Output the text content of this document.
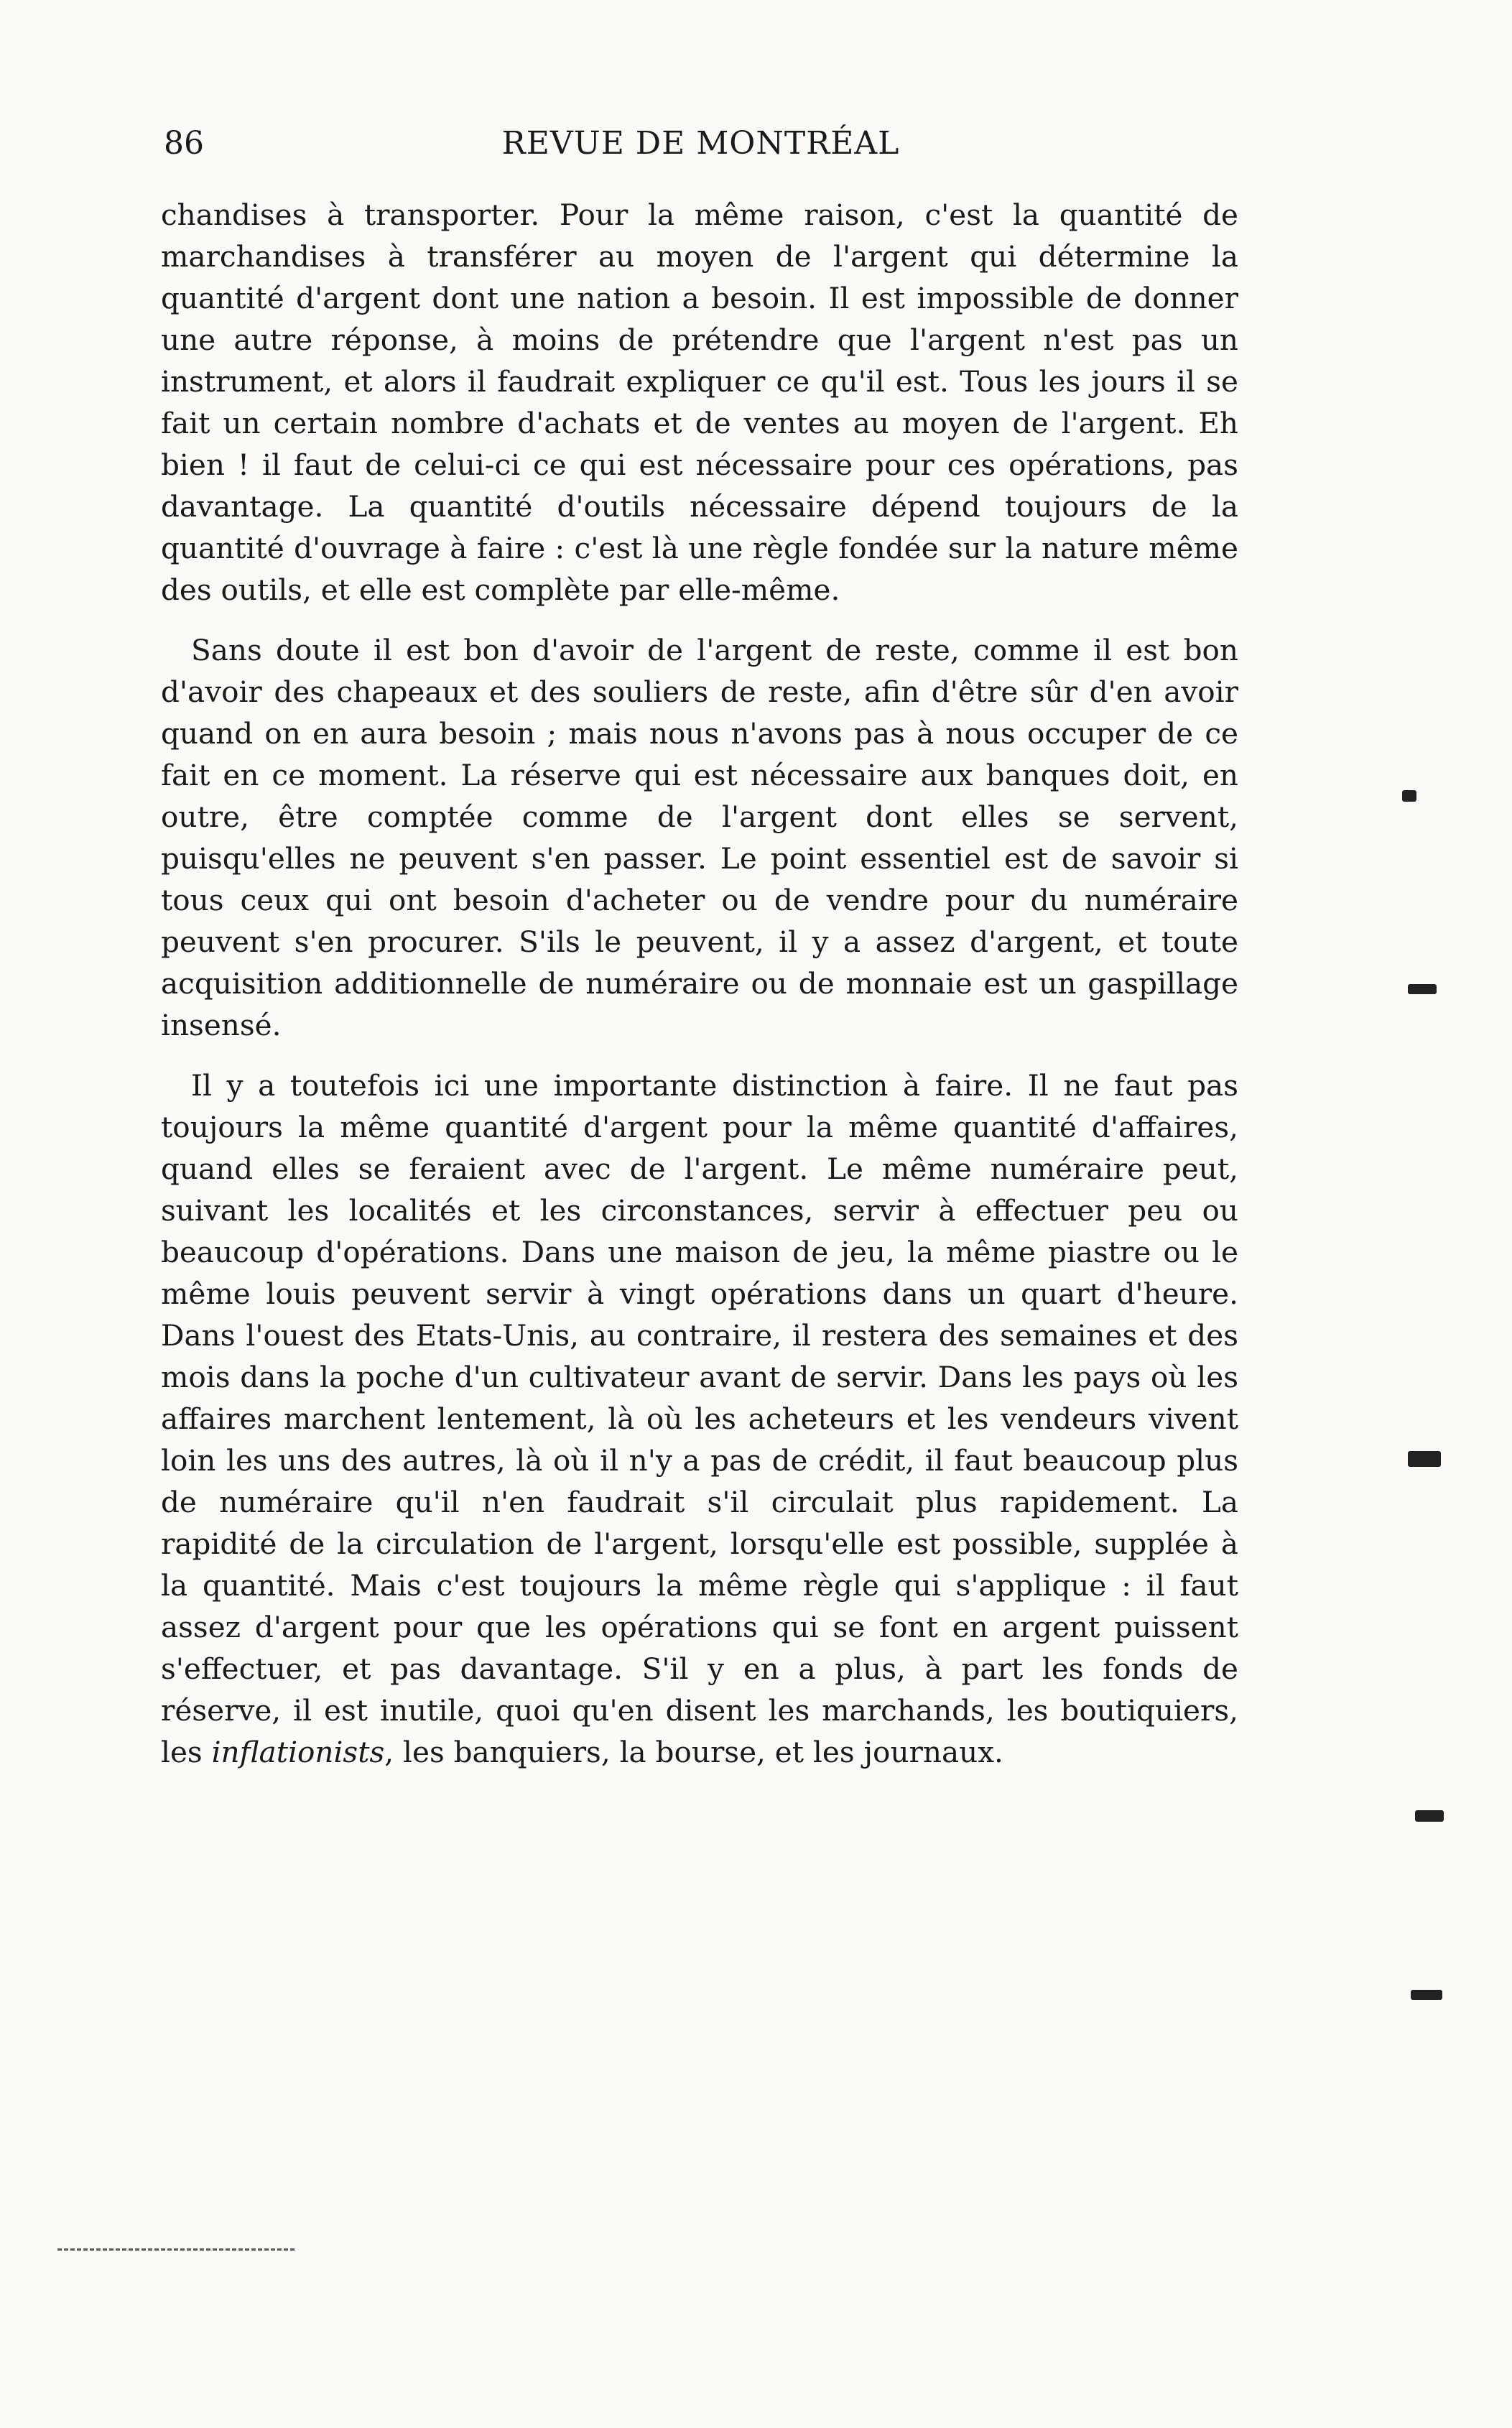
86	REVUE DE MONTRÉAL

chandises à transporter. Pour la même raison, c'est la quantité de marchandises à transférer au moyen de l'argent qui détermine la quantité d'argent dont une nation a besoin. Il est impossible de donner une autre réponse, à moins de prétendre que l'argent n'est pas un instrument, et alors il faudrait expliquer ce qu'il est. Tous les jours il se fait un certain nombre d'achats et de ventes au moyen de l'argent. Eh bien ! il faut de celui-ci ce qui est nécessaire pour ces opérations, pas davantage. La quantité d'outils nécessaire dépend toujours de la quantité d'ouvrage à faire : c'est là une règle fondée sur la nature même des outils, et elle est complète par elle-même.

Sans doute il est bon d'avoir de l'argent de reste, comme il est bon d'avoir des chapeaux et des souliers de reste, afin d'être sûr d'en avoir quand on en aura besoin ; mais nous n'avons pas à nous occuper de ce fait en ce moment. La réserve qui est nécessaire aux banques doit, en outre, être comptée comme de l'argent dont elles se servent, puisqu'elles ne peuvent s'en passer. Le point essentiel est de savoir si tous ceux qui ont besoin d'acheter ou de vendre pour du numéraire peuvent s'en procurer. S'ils le peuvent, il y a assez d'argent, et toute acquisition additionnelle de numéraire ou de monnaie est un gaspillage insensé.

Il y a toutefois ici une importante distinction à faire. Il ne faut pas toujours la même quantité d'argent pour la même quantité d'affaires, quand elles se feraient avec de l'argent. Le même numéraire peut, suivant les localités et les circonstances, servir à effectuer peu ou beaucoup d'opérations. Dans une maison de jeu, la même piastre ou le même louis peuvent servir à vingt opérations dans un quart d'heure. Dans l'ouest des Etats-Unis, au contraire, il restera des semaines et des mois dans la poche d'un cultivateur avant de servir. Dans les pays où les affaires marchent lentement, là où les acheteurs et les vendeurs vivent loin les uns des autres, là où il n'y a pas de crédit, il faut beaucoup plus de numéraire qu'il n'en faudrait s'il circulait plus rapidement. La rapidité de la circulation de l'argent, lorsqu'elle est possible, supplée à la quantité. Mais c'est toujours la même règle qui s'applique : il faut assez d'argent pour que les opérations qui se font en argent puissent s'effectuer, et pas davantage. S'il y en a plus, à part les fonds de réserve, il est inutile, quoi qu'en disent les marchands, les boutiquiers, les inflationists, les banquiers, la bourse, et les journaux.
